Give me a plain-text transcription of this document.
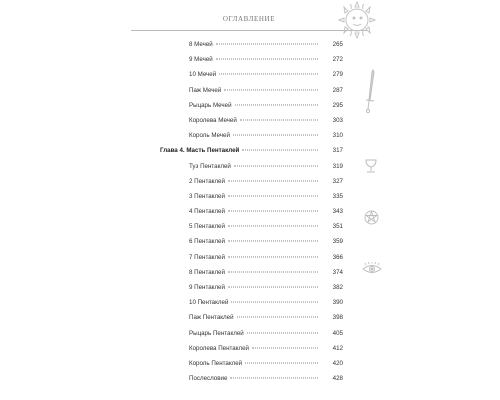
ОГЛАВЛЕНИЕ
8 Мечей	265
9 Мечей	272
10 Мечей	279
Паж Мечей	287
Рыцарь Мечей	295
Королева Мечей	303
Король Мечей	310
Глава 4. Масть Пентаклей	317
Туз Пентаклей	319
2 Пентаклей	327
3 Пентаклей	335
4 Пентаклей	343
5 Пентаклей	351
6 Пентаклей	359
7 Пентаклей	366
8 Пентаклей	374
9 Пентаклей	382
10 Пентаклей	390
Паж Пентаклей	398
Рыцарь Пентаклей	405
Королева Пентаклей	412
Король Пентаклей	420
Послесловие	428
